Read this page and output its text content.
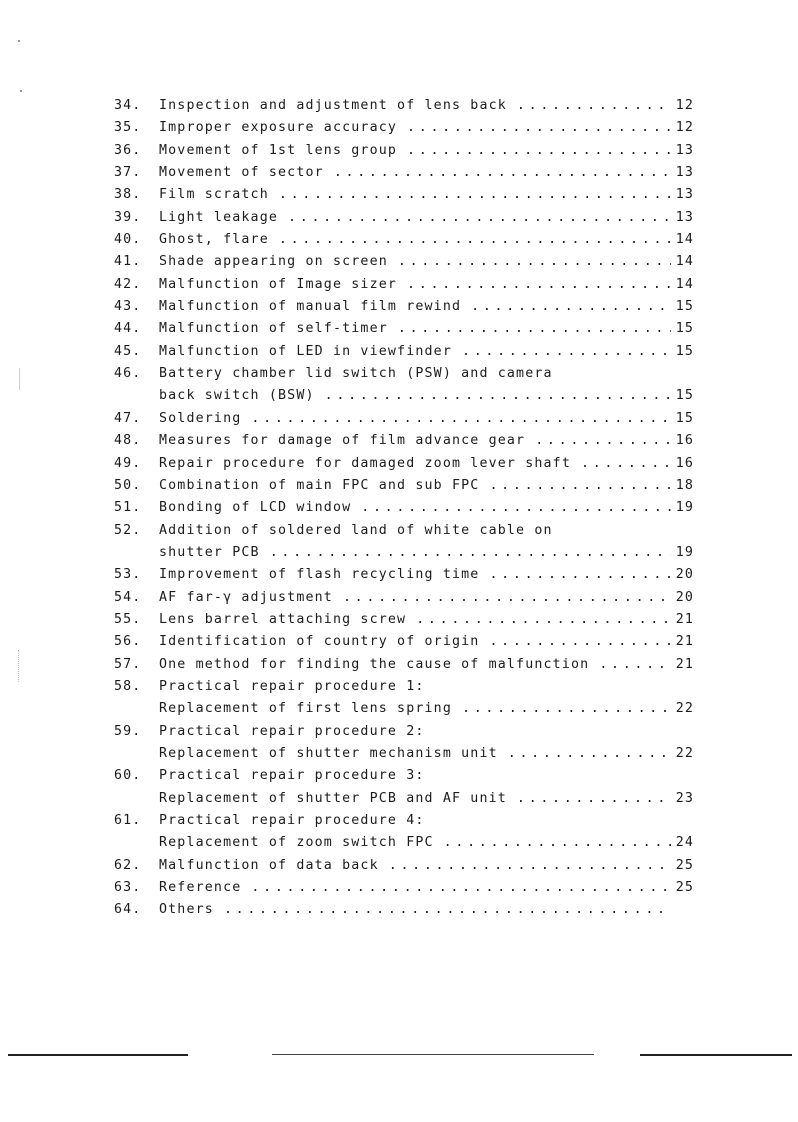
34.	Inspection and adjustment of lens back .....	12
35.	Improper exposure accuracy .....	12
36.	Movement of 1st lens group .....	13
37.	Movement of sector .....	13
38.	Film scratch .....	13
39.	Light leakage .....	13
40.	Ghost, flare .....	14
41.	Shade appearing on screen .....	14
42.	Malfunction of Image sizer .....	14
43.	Malfunction of manual film rewind .....	15
44.	Malfunction of self-timer .....	15
45.	Malfunction of LED in viewfinder .....	15
46.	Battery chamber lid switch (PSW) and camera
back switch (BSW) .....	15
47.	Soldering .....	15
48.	Measures for damage of film advance gear .....	16
49.	Repair procedure for damaged zoom lever shaft .....	16
50.	Combination of main FPC and sub FPC .....	18
51.	Bonding of LCD window .....	19
52.	Addition of soldered land of white cable on
shutter PCB .....	19
53.	Improvement of flash recycling time .....	20
54.	AF far-γ adjustment .....	20
55.	Lens barrel attaching screw .....	21
56.	Identification of country of origin .....	21
57.	One method for finding the cause of malfunction .....	21
58.	Practical repair procedure 1:
Replacement of first lens spring .....	22
59.	Practical repair procedure 2:
Replacement of shutter mechanism unit .....	22
60.	Practical repair procedure 3:
Replacement of shutter PCB and AF unit .....	23
61.	Practical repair procedure 4:
Replacement of zoom switch FPC .....	24
62.	Malfunction of data back .....	25
63.	Reference .....	25
64.	Others
.....
